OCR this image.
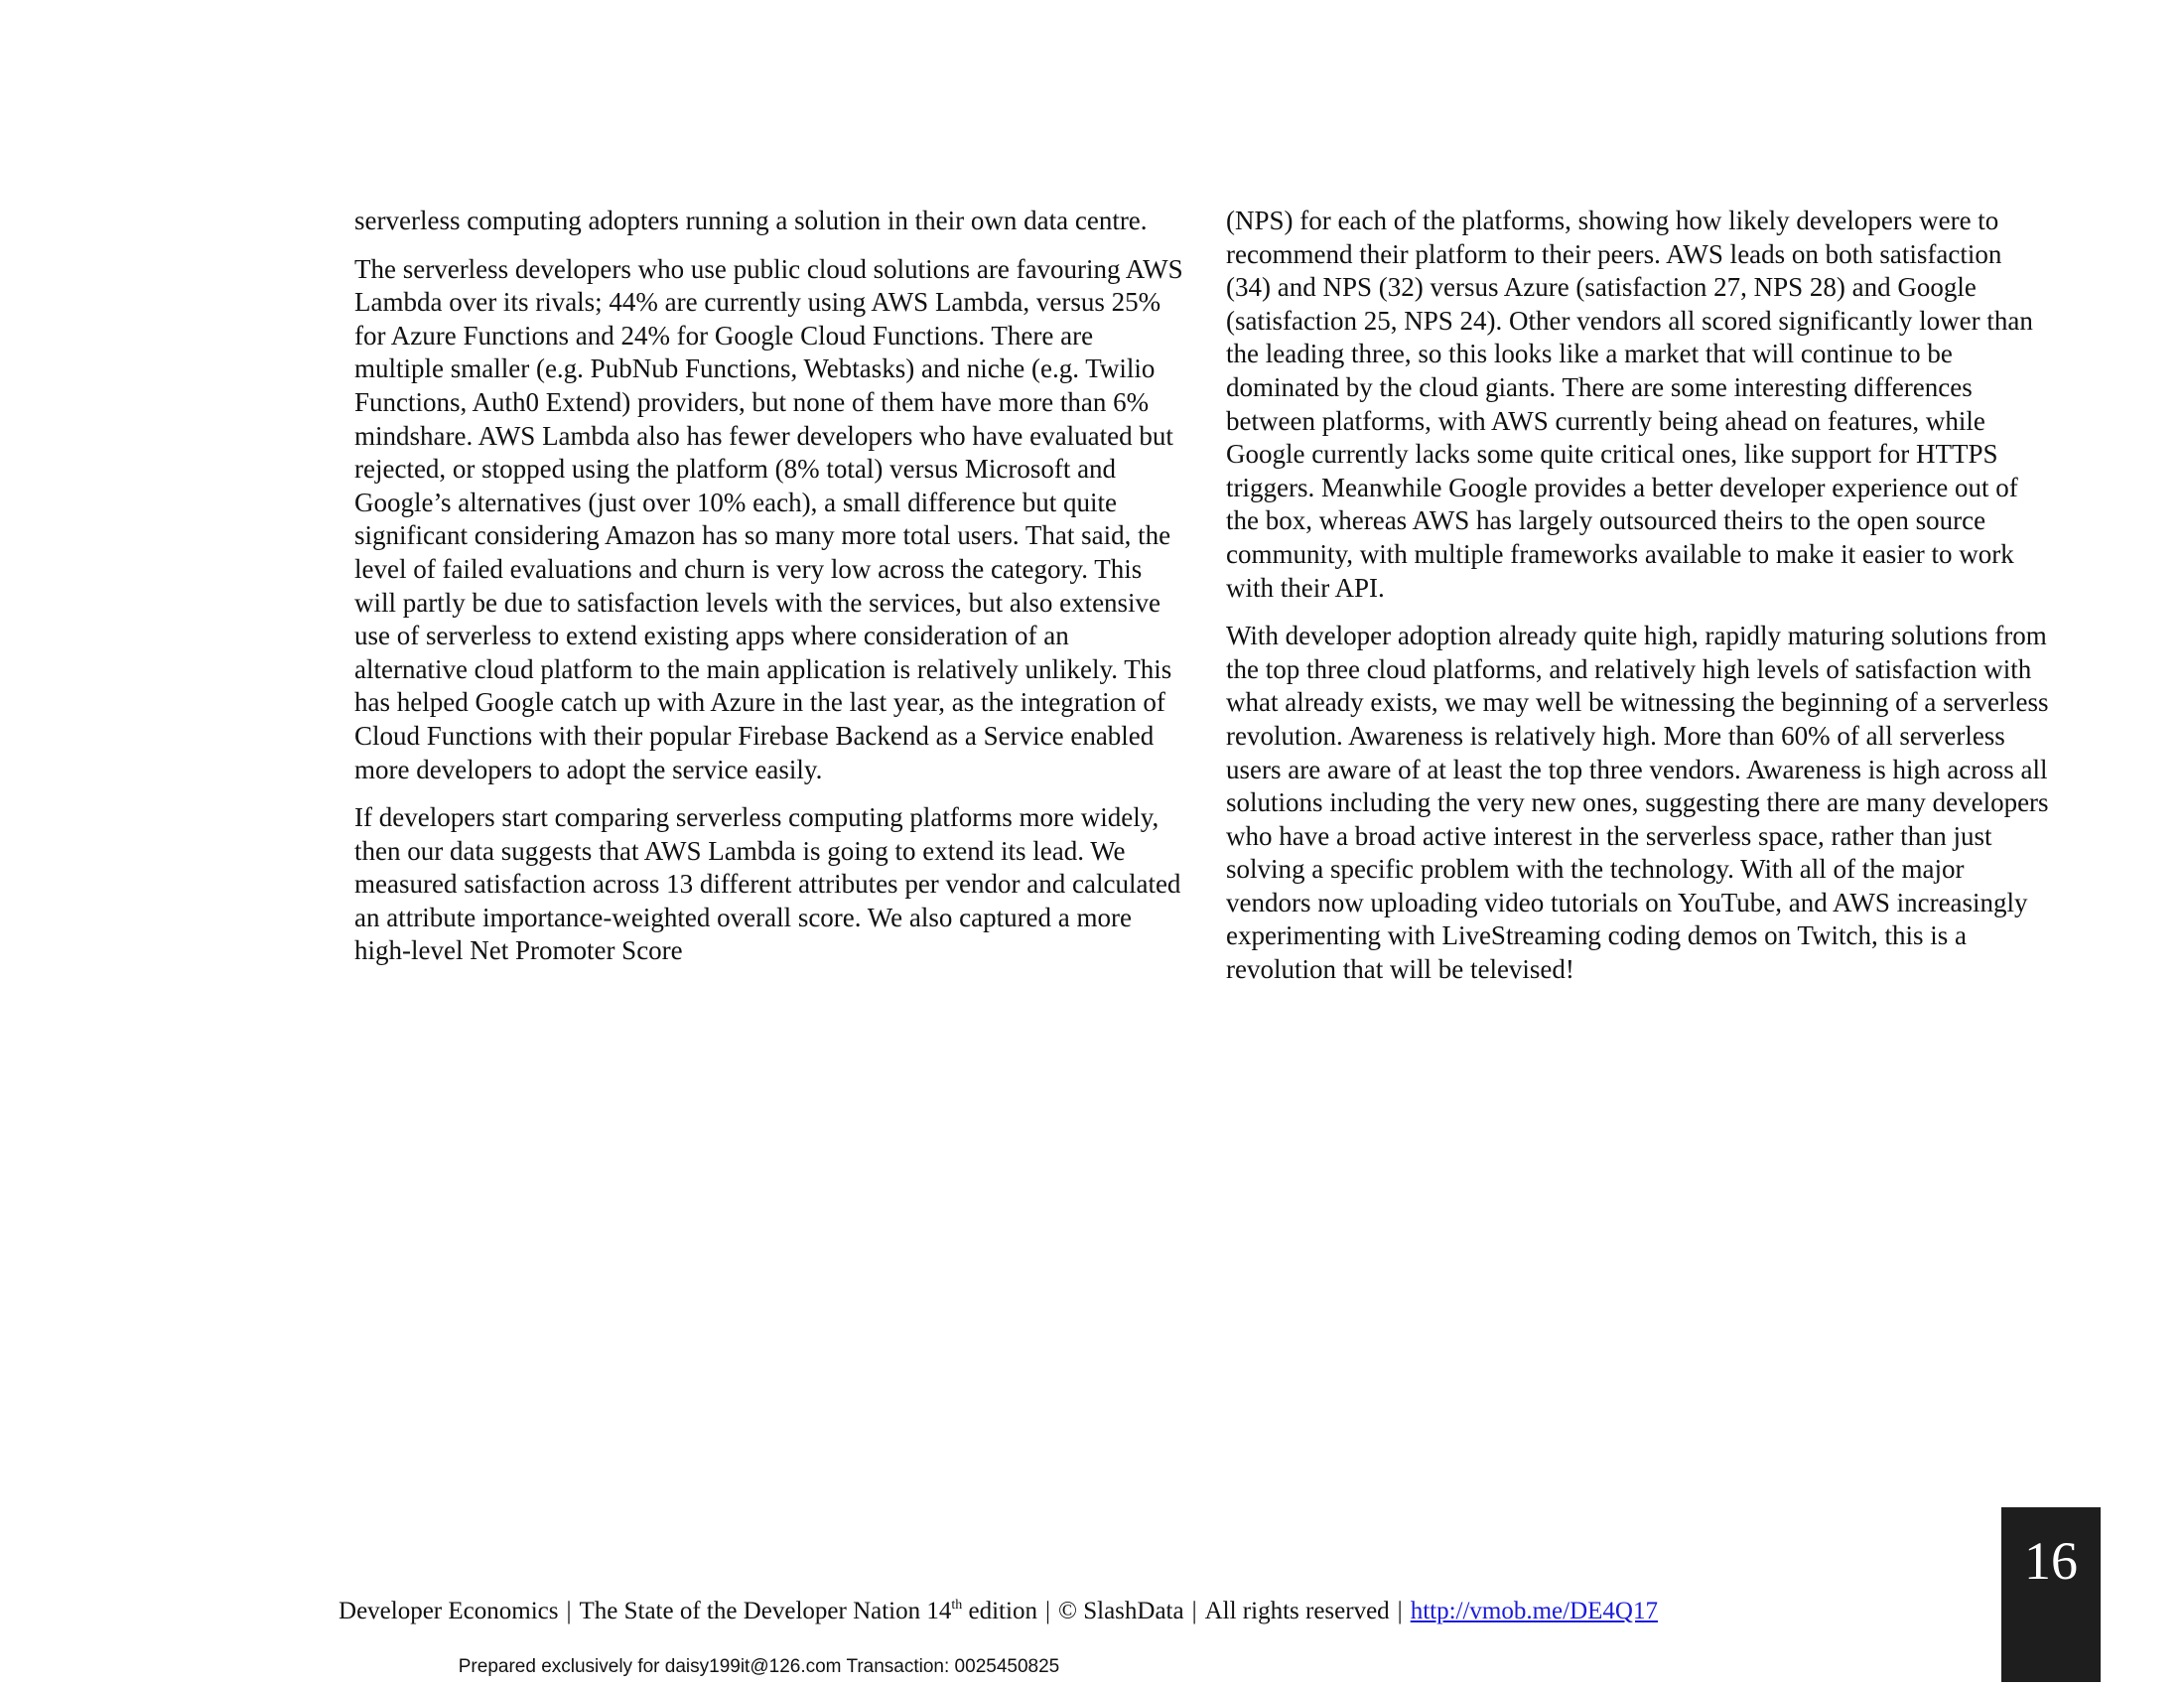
serverless computing adopters running a solution in their own data centre.

The serverless developers who use public cloud solutions are favouring AWS Lambda over its rivals; 44% are currently using AWS Lambda, versus 25% for Azure Functions and 24% for Google Cloud Functions. There are multiple smaller (e.g. PubNub Functions, Webtasks) and niche (e.g. Twilio Functions, Auth0 Extend) providers, but none of them have more than 6% mindshare. AWS Lambda also has fewer developers who have evaluated but rejected, or stopped using the platform (8% total) versus Microsoft and Google’s alternatives (just over 10% each), a small difference but quite significant considering Amazon has so many more total users. That said, the level of failed evaluations and churn is very low across the category. This will partly be due to satisfaction levels with the services, but also extensive use of serverless to extend existing apps where consideration of an alternative cloud platform to the main application is relatively unlikely. This has helped Google catch up with Azure in the last year, as the integration of Cloud Functions with their popular Firebase Backend as a Service enabled more developers to adopt the service easily.

If developers start comparing serverless computing platforms more widely, then our data suggests that AWS Lambda is going to extend its lead. We measured satisfaction across 13 different attributes per vendor and calculated an attribute importance-weighted overall score. We also captured a more high-level Net Promoter Score

(NPS) for each of the platforms, showing how likely developers were to recommend their platform to their peers. AWS leads on both satisfaction (34) and NPS (32) versus Azure (satisfaction 27, NPS 28) and Google (satisfaction 25, NPS 24). Other vendors all scored significantly lower than the leading three, so this looks like a market that will continue to be dominated by the cloud giants. There are some interesting differences between platforms, with AWS currently being ahead on features, while Google currently lacks some quite critical ones, like support for HTTPS triggers. Meanwhile Google provides a better developer experience out of the box, whereas AWS has largely outsourced theirs to the open source community, with multiple frameworks available to make it easier to work with their API.

With developer adoption already quite high, rapidly maturing solutions from the top three cloud platforms, and relatively high levels of satisfaction with what already exists, we may well be witnessing the beginning of a serverless revolution. Awareness is relatively high. More than 60% of all serverless users are aware of at least the top three vendors. Awareness is high across all solutions including the very new ones, suggesting there are many developers who have a broad active interest in the serverless space, rather than just solving a specific problem with the technology. With all of the major vendors now uploading video tutorials on YouTube, and AWS increasingly experimenting with LiveStreaming coding demos on Twitch, this is a revolution that will be televised!

Developer Economics | The State of the Developer Nation 14th edition | © SlashData | All rights reserved | http://vmob.me/DE4Q17
Prepared exclusively for daisy199it@126.com Transaction: 0025450825
16
